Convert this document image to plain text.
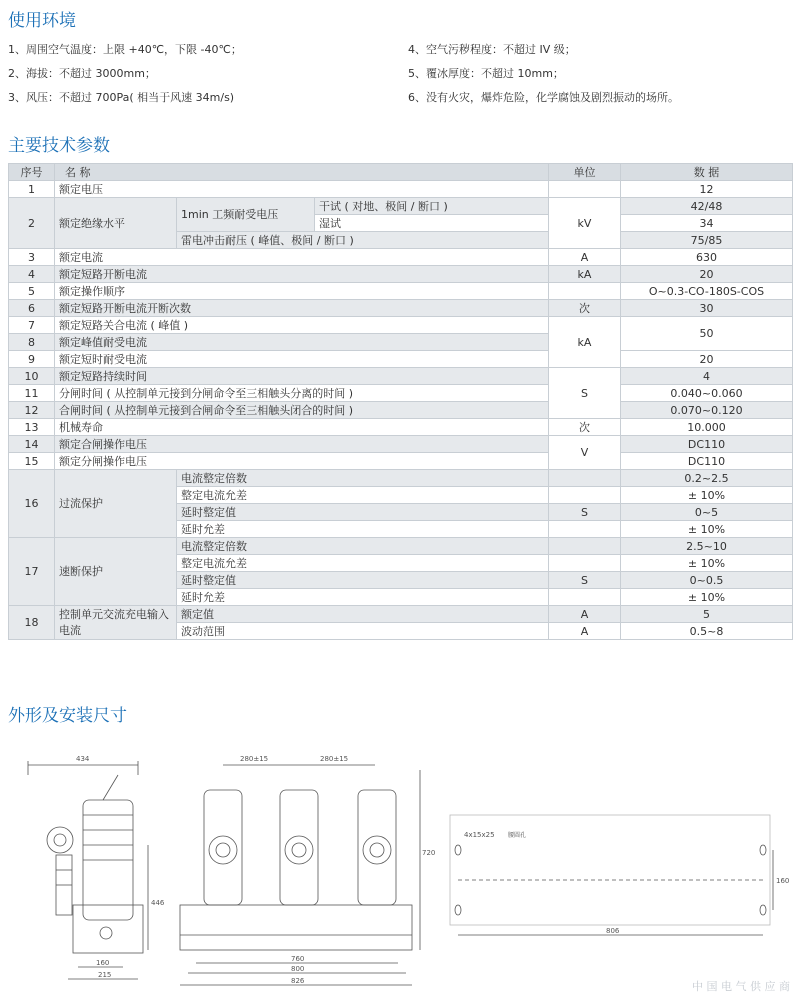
使用环境
1、周围空气温度：上限 +40℃，下限 -40℃；
2、海拔：不超过 3000mm；
3、风压：不超过 700Pa( 相当于风速 34m/s)
4、空气污秽程度：不超过 IV 级；
5、覆冰厚度：不超过 10mm；
6、没有火灾，爆炸危险，化学腐蚀及剧烈振动的场所。
主要技术参数
序号	名 称			单位	数 据
1	额定电压				12
2	额定绝缘水平	1min 工频耐受电压	干试 ( 对地、极间 / 断口 )	kV	42/48
			湿试		34
		雷电冲击耐压 ( 峰值、极间 / 断口 )			75/85
3	额定电流			A	630
4	额定短路开断电流			kA	20
5	额定操作顺序				O~0.3-CO-180S-COS
6	额定短路开断电流开断次数			次	30
7	额定短路关合电流 ( 峰值 )			kA	50
8	额定峰值耐受电流				
9	额定短时耐受电流				20
10	额定短路持续时间			S	4
11	分闸时间 ( 从控制单元接到分闸命令至三相触头分离的时间 )				0.040~0.060
12	合闸时间 ( 从控制单元接到合闸命令至三相触头闭合的时间 )				0.070~0.120
13	机械寿命			次	10.000
14	额定合闸操作电压			V	DC110
15	额定分闸操作电压				DC110
16	过流保护	电流整定倍数			0.2~2.5
		整定电流允差			± 10%
		延时整定值		S	0~5
		延时允差			± 10%
17	速断保护	电流整定倍数			2.5~10
		整定电流允差			± 10%
		延时整定值		S	0~0.5
		延时允差			± 10%
18	控制单元交流充电输入电流	额定值		A	5
		波动范围		A	0.5~8
外形及安装尺寸
434
446
160
215
280±15	280±15
720
760
800
826
4x15x25 腰圆孔
160
806
中 国 电 气 供 应 商
